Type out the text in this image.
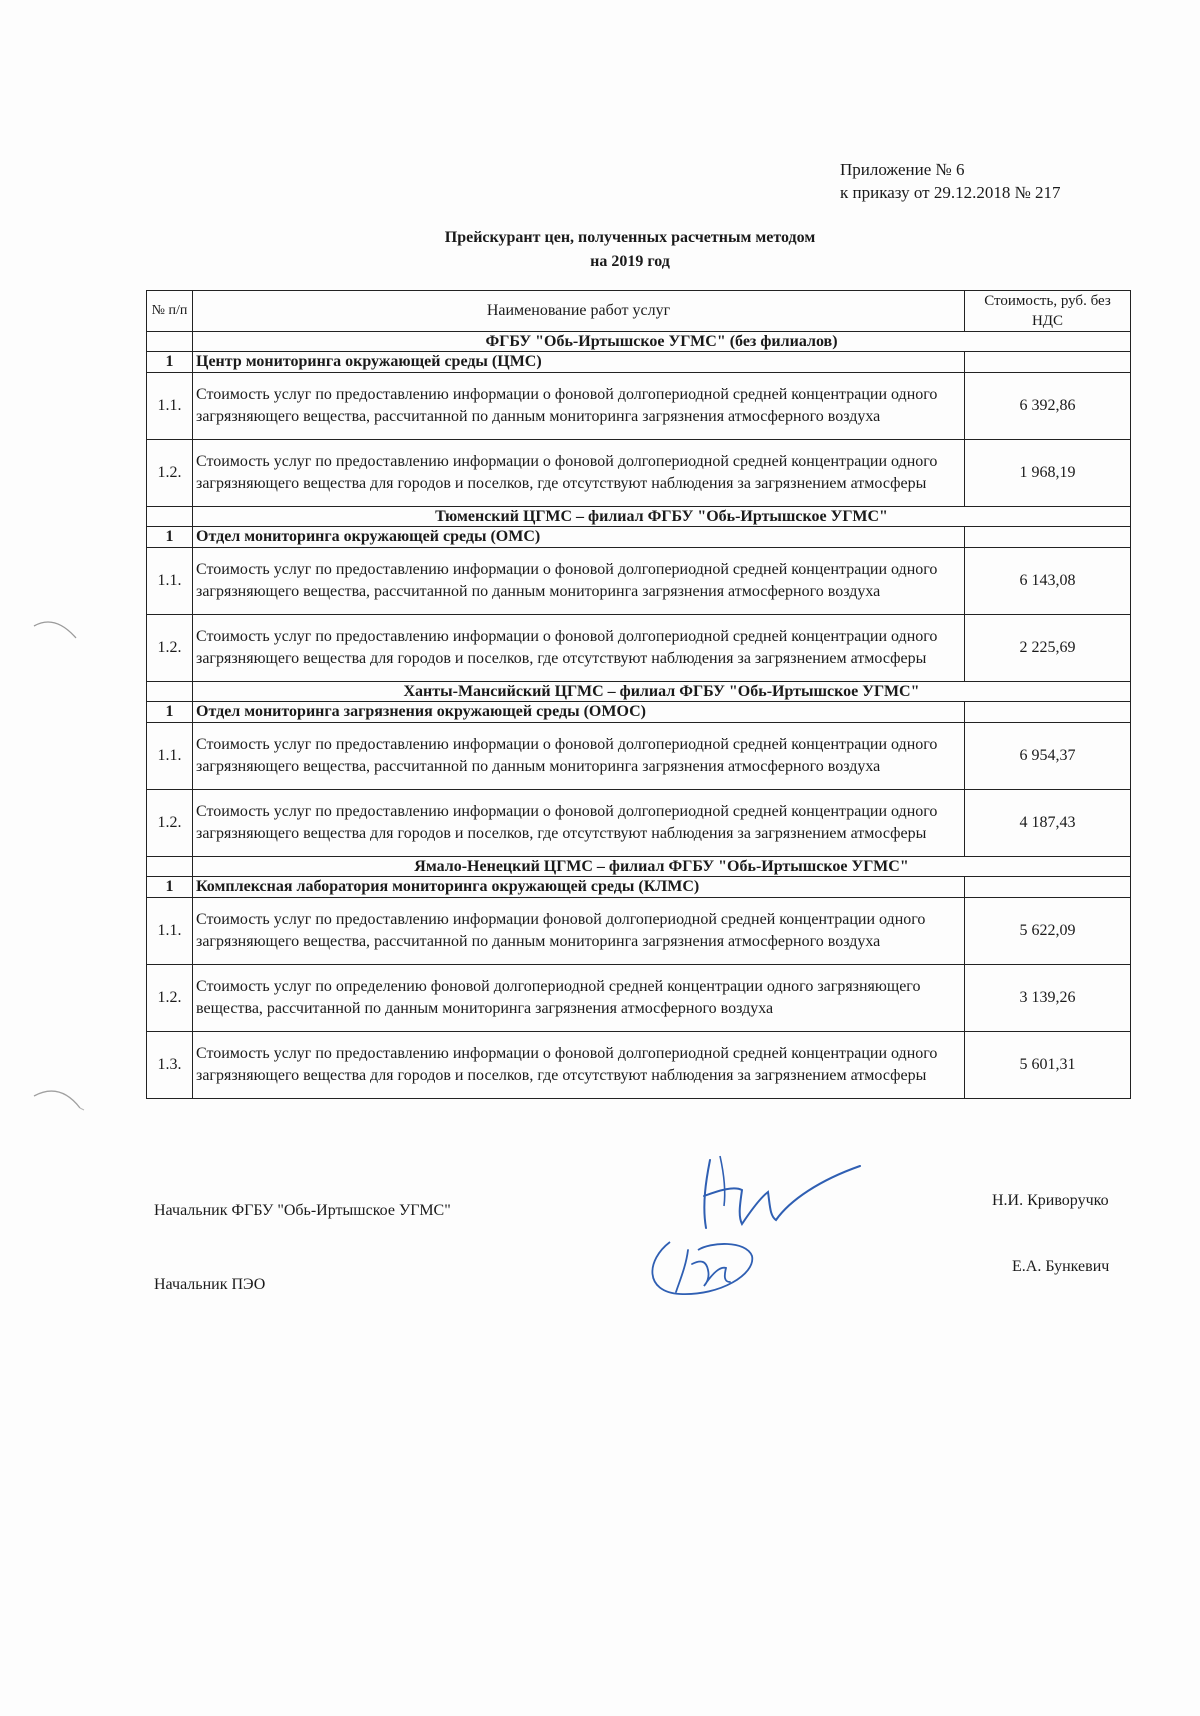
Приложение № 6
к приказу от 29.12.2018 № 217
Прейскурант цен, полученных расчетным методом
на 2019 год
№ п/п	Наименование работ услуг	Стоимость, руб. без НДС
	ФГБУ "Обь-Иртышское УГМС" (без филиалов)	
1	Центр мониторинга окружающей среды (ЦМС)	
1.1.	Стоимость услуг по предоставлению информации о фоновой долгопериодной средней концентрации одного загрязняющего вещества, рассчитанной по данным мониторинга загрязнения атмосферного воздуха	6 392,86
1.2.	Стоимость услуг по предоставлению информации о фоновой долгопериодной средней концентрации одного загрязняющего вещества для городов и поселков, где отсутствуют наблюдения за загрязнением атмосферы	1 968,19
	Тюменский ЦГМС – филиал ФГБУ "Обь-Иртышское УГМС"	
1	Отдел мониторинга окружающей среды (ОМС)	
1.1.	Стоимость услуг по предоставлению информации о фоновой долгопериодной средней концентрации одного загрязняющего вещества, рассчитанной по данным мониторинга загрязнения атмосферного воздуха	6 143,08
1.2.	Стоимость услуг по предоставлению информации о фоновой долгопериодной средней концентрации одного загрязняющего вещества для городов и поселков, где отсутствуют наблюдения за загрязнением атмосферы	2 225,69
	Ханты-Мансийский ЦГМС – филиал ФГБУ "Обь-Иртышское УГМС"	
1	Отдел мониторинга загрязнения окружающей среды (ОМОС)	
1.1.	Стоимость услуг по предоставлению информации о фоновой долгопериодной средней концентрации одного загрязняющего вещества, рассчитанной по данным мониторинга загрязнения атмосферного воздуха	6 954,37
1.2.	Стоимость услуг по предоставлению информации о фоновой долгопериодной средней концентрации одного загрязняющего вещества для городов и поселков, где отсутствуют наблюдения за загрязнением атмосферы	4 187,43
	Ямало-Ненецкий ЦГМС – филиал ФГБУ "Обь-Иртышское УГМС"	
1	Комплексная лаборатория мониторинга окружающей среды (КЛМС)	
1.1.	Стоимость услуг по предоставлению информации фоновой долгопериодной средней концентрации одного загрязняющего вещества, рассчитанной по данным мониторинга загрязнения атмосферного воздуха	5 622,09
1.2.	Стоимость услуг по определению фоновой долгопериодной средней концентрации одного загрязняющего вещества, рассчитанной по данным мониторинга загрязнения атмосферного воздуха	3 139,26
1.3.	Стоимость услуг по предоставлению информации о фоновой долгопериодной средней концентрации одного загрязняющего вещества для городов и поселков, где отсутствуют наблюдения за загрязнением атмосферы	5 601,31
Начальник ФГБУ "Обь-Иртышское УГМС"
Н.И. Криворучко
Начальник ПЭО
Е.А. Бункевич
